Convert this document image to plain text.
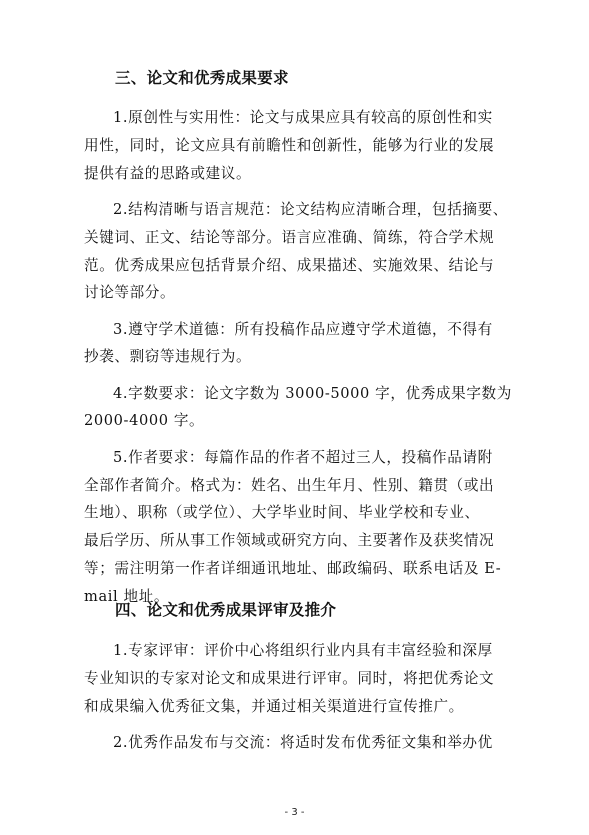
三、论文和优秀成果要求
1.原创性与实用性：论文与成果应具有较高的原创性和实
用性，同时，论文应具有前瞻性和创新性，能够为行业的发展
提供有益的思路或建议。
2.结构清晰与语言规范：论文结构应清晰合理，包括摘要、
关键词、正文、结论等部分。语言应准确、简练，符合学术规
范。优秀成果应包括背景介绍、成果描述、实施效果、结论与
讨论等部分。
3.遵守学术道德：所有投稿作品应遵守学术道德，不得有
抄袭、剽窃等违规行为。
4.字数要求：论文字数为 3000-5000 字，优秀成果字数为
2000-4000 字。
5.作者要求：每篇作品的作者不超过三人，投稿作品请附
全部作者简介。格式为：姓名、出生年月、性别、籍贯（或出
生地）、职称（或学位）、大学毕业时间、毕业学校和专业、
最后学历、所从事工作领域或研究方向、主要著作及获奖情况
等；需注明第一作者详细通讯地址、邮政编码、联系电话及 E-
mail 地址。
- 3 -
四、论文和优秀成果评审及推介
1.专家评审：评价中心将组织行业内具有丰富经验和深厚
专业知识的专家对论文和成果进行评审。同时，将把优秀论文
和成果编入优秀征文集，并通过相关渠道进行宣传推广。
2.优秀作品发布与交流：将适时发布优秀征文集和举办优
